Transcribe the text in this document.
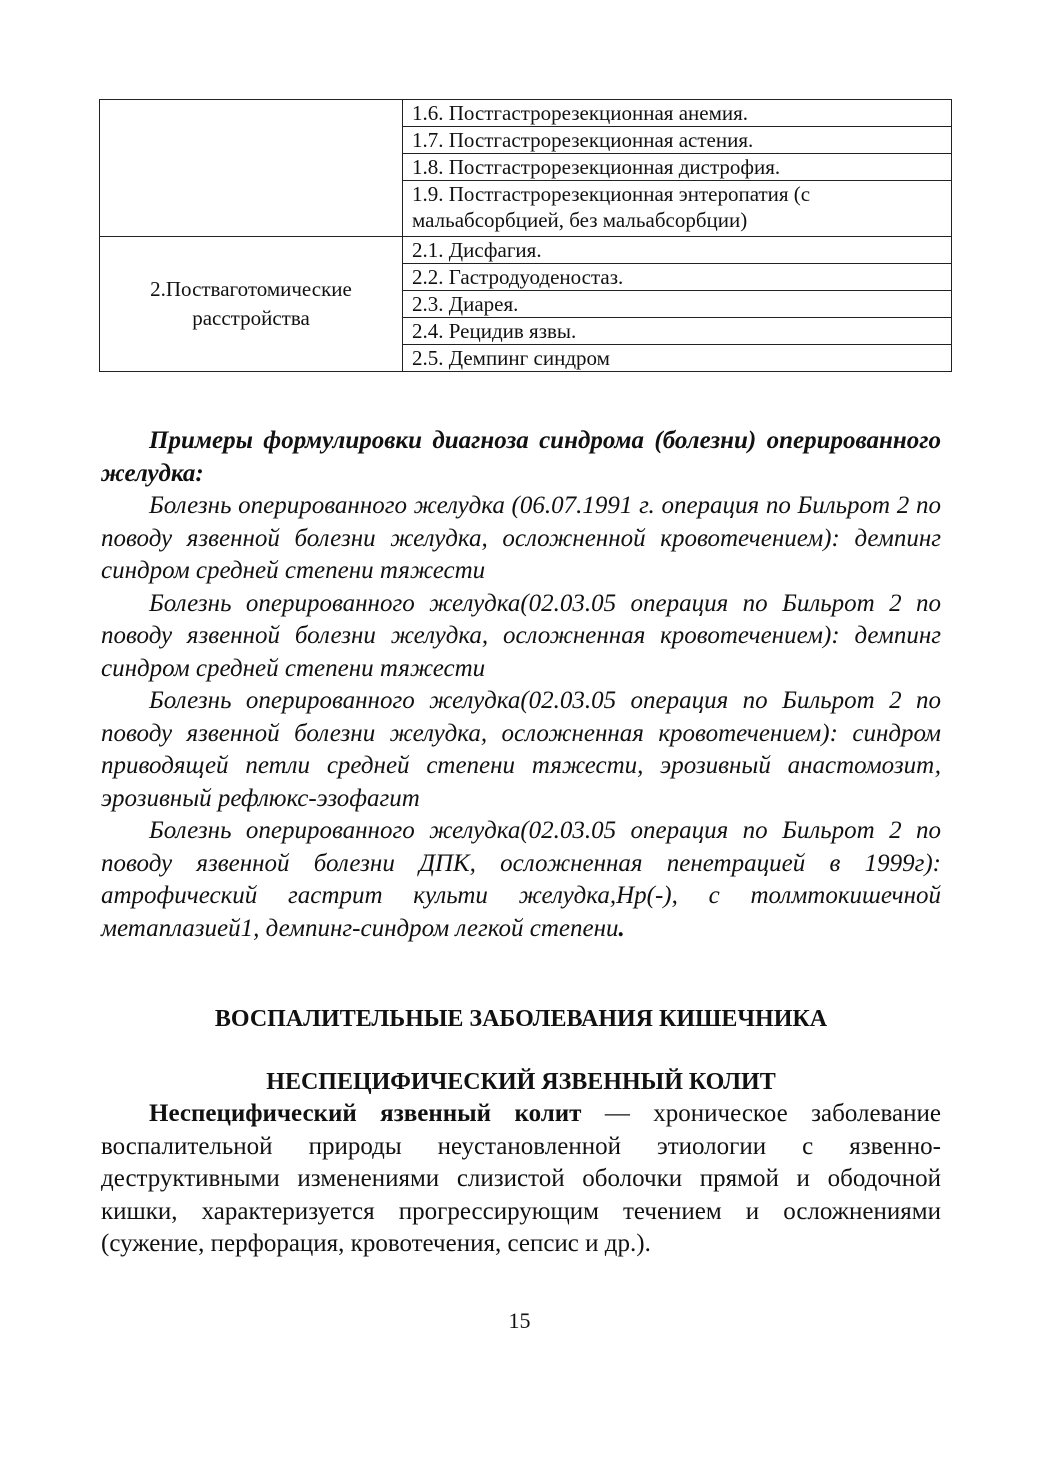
	1.6. Постгастрорезекционная анемия.
	1.7. Постгастрорезекционная астения.
	1.8. Постгастрорезекционная дистрофия.
	1.9. Постгастрорезекционная энтеропатия (с мальабсорбцией, без мальабсорбции)
2.Постваготомические
расстройства	2.1. Дисфагия.
	2.2. Гастродуоденостаз.
	2.3. Диарея.
	2.4. Рецидив язвы.
	2.5. Демпинг синдром

Примеры формулировки диагноза синдрома (болезни) оперированного желудка:

Болезнь оперированного желудка (06.07.1991 г. операция по Бильрот 2 по поводу язвенной болезни желудка, осложненной кровотечением): демпинг синдром средней степени тяжести

Болезнь оперированного желудка(02.03.05 операция по Бильрот 2 по поводу язвенной болезни желудка, осложненная кровотечением): демпинг синдром средней степени тяжести

Болезнь оперированного желудка(02.03.05 операция по Бильрот 2 по поводу язвенной болезни желудка, осложненная кровотечением): синдром приводящей петли средней степени тяжести, эрозивный анастомозит, эрозивный рефлюкс-эзофагит

Болезнь оперированного желудка(02.03.05 операция по Бильрот 2 по поводу язвенной болезни ДПК, осложненная пенетрацией в 1999г): атрофический гастрит культи желудка,Hp(-), с толмтокишечной метаплазией1, демпинг-синдром легкой степени.

ВОСПАЛИТЕЛЬНЫЕ ЗАБОЛЕВАНИЯ КИШЕЧНИКА
НЕСПЕЦИФИЧЕСКИЙ ЯЗВЕННЫЙ КОЛИТ

Неспецифический язвенный колит — хроническое заболевание воспалительной природы неустановленной этиологии с язвенно-деструктивными изменениями слизистой оболочки прямой и ободочной кишки, характеризуется прогрессирующим течением и осложнениями (сужение, перфорация, кровотечения, сепсис и др.).

15
